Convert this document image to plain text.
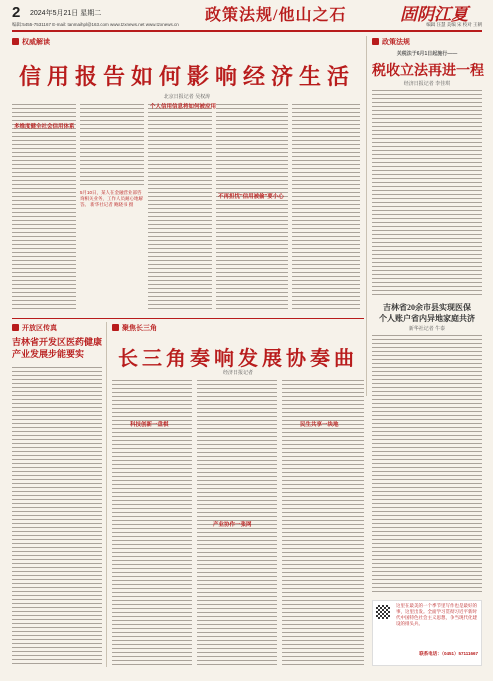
2 2024年5月21日 星期二	政策法规/他山之石	固阴江夏
编辑:5455-7531167 E-mail: tanmaihpl@163.com www.tzxnews.net www.tzxnews.cn	编辑 汪慧 美编 宋 校对 王朝
权威解读
信用报告如何影响经济生活
北京日报记者 吴权涛
多维度健全社会信用体系
5月10日，某人在金融营业部咨询相关业务，工作人员耐心地解答。 新华社记者 鲍晓书 摄
个人信用信息将如何被应用
不再担忧"信用被偷"要小心
政策法规
关税法于6月1日起施行——
税收立法再进一程
经济日报记者 李佳琪
吉林省20余市县实现医保
个人账户省内异地家庭共济
新华社记者 牛泰
开放区传真
吉林省开发区医药健康产业发展步能要实
聚焦长三角
长三角奏响发展协奏曲
经济日报记者
科技创新一盘棋
产业协作一张网
民生共享一块地
这里在最美的一个季节里写作也是最好的事，这里出发。全面学习贯彻习近平新时代中国特色社会主义思想，争当现代化建设的排头兵。
联系电话：（0451）57111667
